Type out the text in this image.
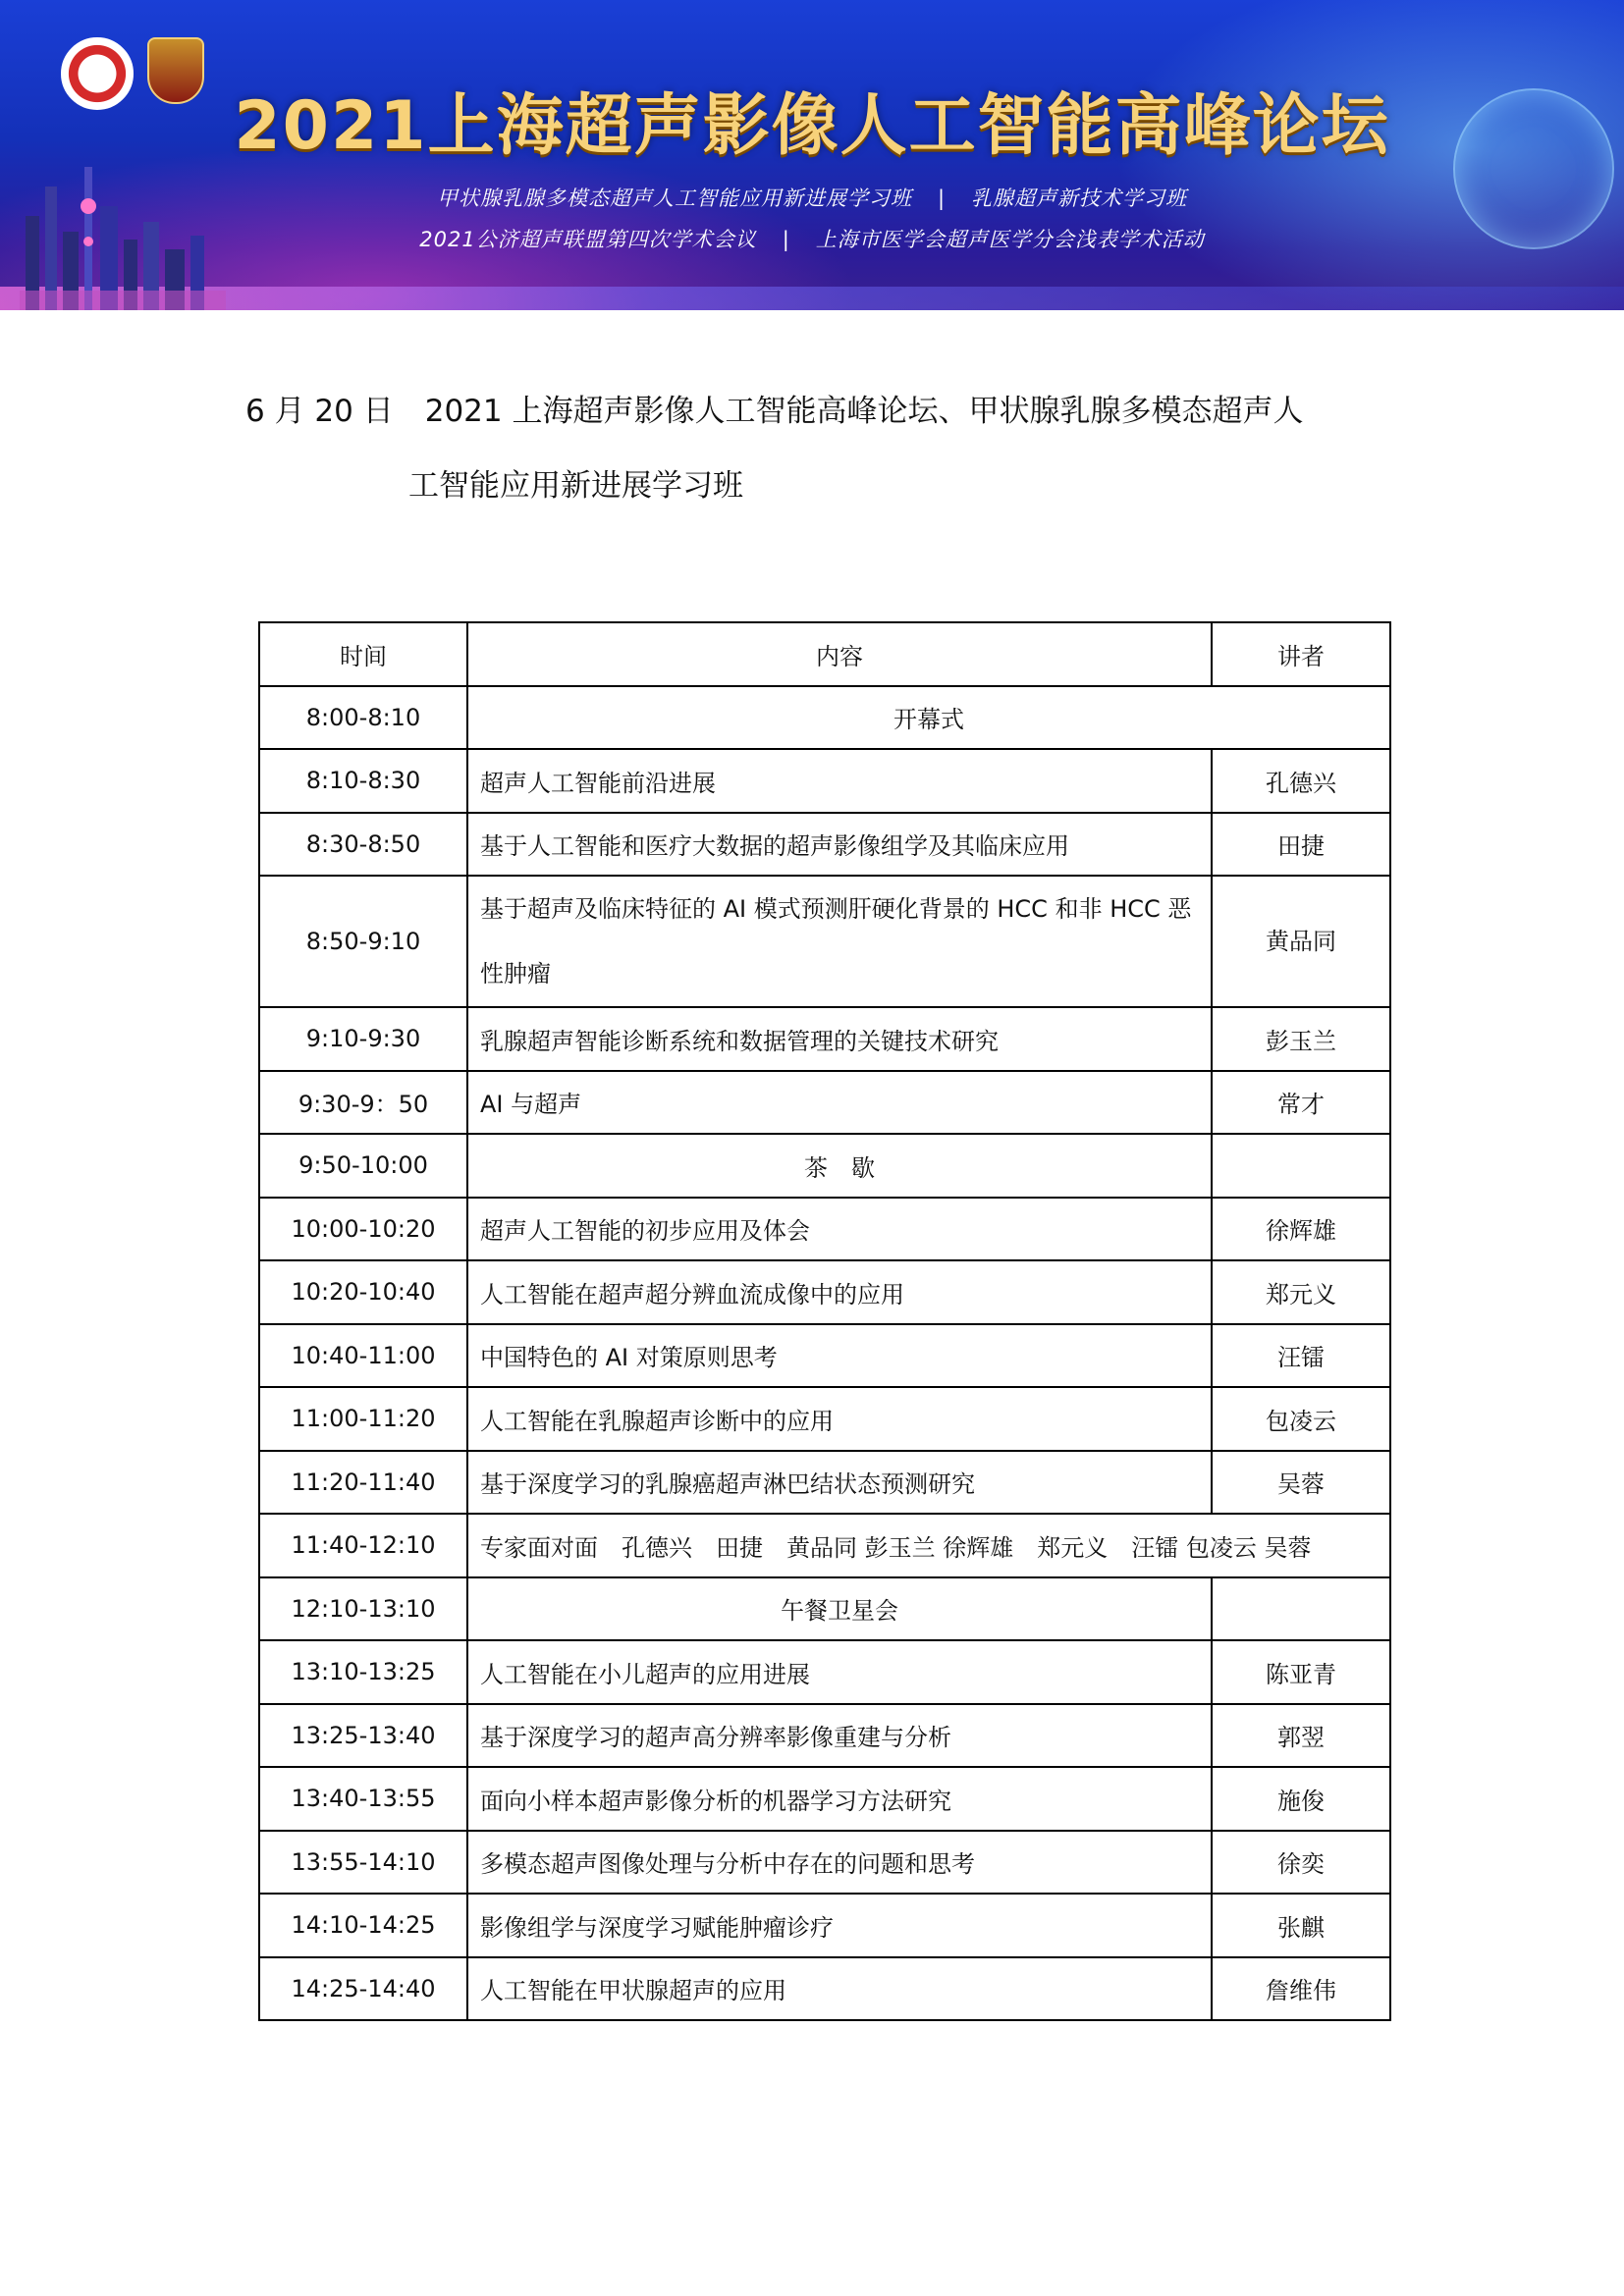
2021上海超声影像人工智能高峰论坛
甲状腺乳腺多模态超声人工智能应用新进展学习班 | 乳腺超声新技术学习班
2021公济超声联盟第四次学术会议 | 上海市医学会超声医学分会浅表学术活动
6 月 20 日 2021 上海超声影像人工智能高峰论坛、甲状腺乳腺多模态超声人
工智能应用新进展学习班
时间	内容	讲者
8:00-8:10	开幕式	
8:10-8:30	超声人工智能前沿进展	孔德兴
8:30-8:50	基于人工智能和医疗大数据的超声影像组学及其临床应用	田捷
8:50-9:10	基于超声及临床特征的 AI 模式预测肝硬化背景的 HCC 和非 HCC 恶性肿瘤	黄品同
9:10-9:30	乳腺超声智能诊断系统和数据管理的关键技术研究	彭玉兰
9:30-9：50	AI 与超声	常才
9:50-10:00	茶　歇	
10:00-10:20	超声人工智能的初步应用及体会	徐辉雄
10:20-10:40	人工智能在超声超分辨血流成像中的应用	郑元义
10:40-11:00	中国特色的 AI 对策原则思考	汪镭
11:00-11:20	人工智能在乳腺超声诊断中的应用	包凌云
11:20-11:40	基于深度学习的乳腺癌超声淋巴结状态预测研究	吴蓉
11:40-12:10	专家面对面　孔德兴　田捷　黄品同 彭玉兰 徐辉雄　郑元义　汪镭 包凌云 吴蓉	
12:10-13:10	午餐卫星会	
13:10-13:25	人工智能在小儿超声的应用进展	陈亚青
13:25-13:40	基于深度学习的超声高分辨率影像重建与分析	郭翌
13:40-13:55	面向小样本超声影像分析的机器学习方法研究	施俊
13:55-14:10	多模态超声图像处理与分析中存在的问题和思考	徐奕
14:10-14:25	影像组学与深度学习赋能肿瘤诊疗	张麒
14:25-14:40	人工智能在甲状腺超声的应用	詹维伟
